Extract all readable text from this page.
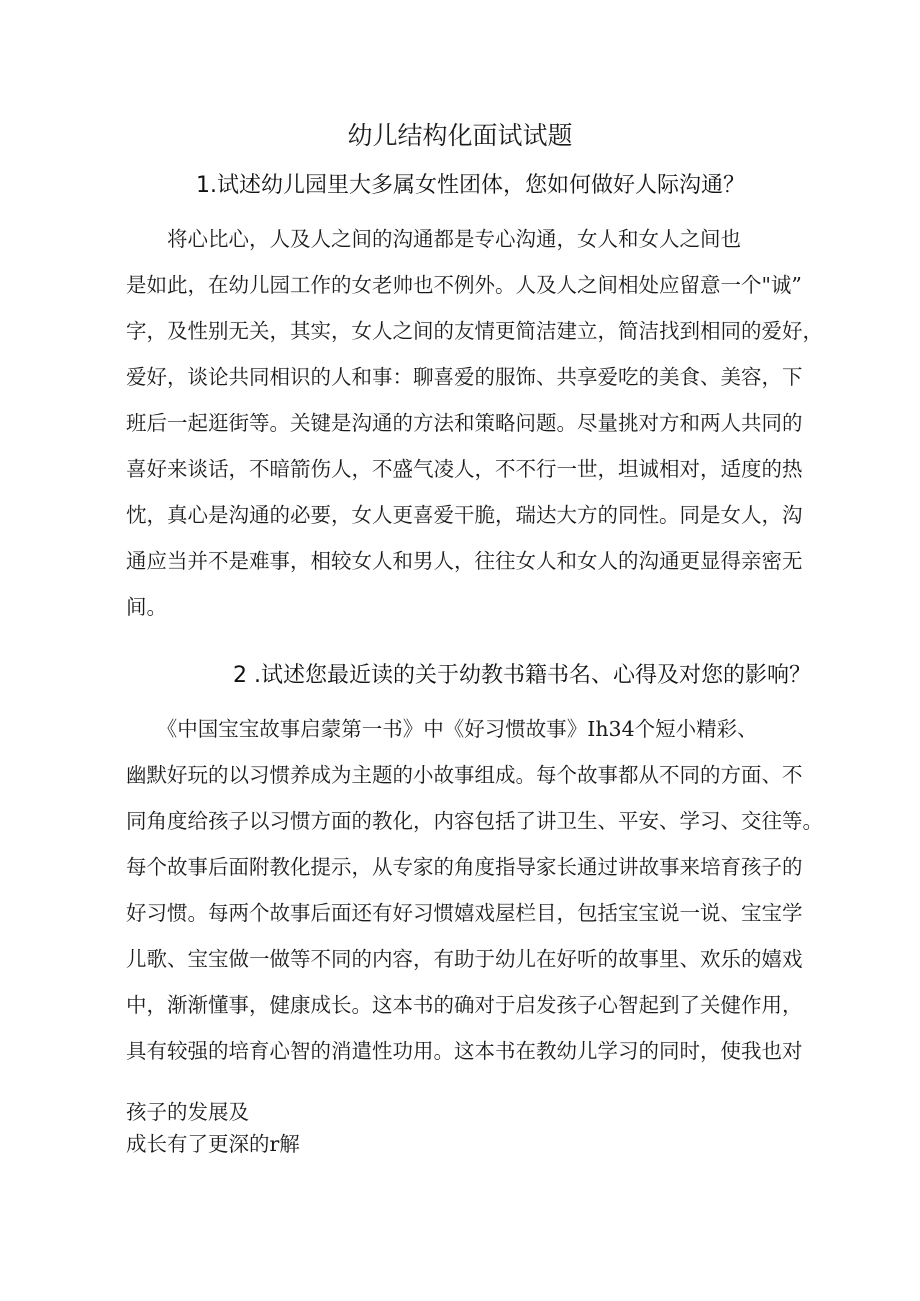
幼儿结构化面试试题
1.试述幼儿园里大多属女性团体，您如何做好人际沟通？
　　将心比心，人及人之间的沟通都是专心沟通，女人和女人之间也
是如此，在幼儿园工作的女老帅也不例外。人及人之间相处应留意一个"诚”
字，及性别无关，其实，女人之间的友情更简洁建立，简洁找到相同的爱好，
爱好，谈论共同相识的人和事：聊喜爱的服饰、共享爱吃的美食、美容，下
班后一起逛街等。关键是沟通的方法和策略问题。尽量挑对方和两人共同的
喜好来谈话，不暗箭伤人，不盛气凌人，不不行一世，坦诚相对，适度的热
忱，真心是沟通的必要，女人更喜爱干脆，瑞达大方的同性。同是女人，沟
通应当并不是难事，相较女人和男人，往往女人和女人的沟通更显得亲密无
间。
2 .试述您最近读的关于幼教书籍书名、心得及对您的影响？
　　《中国宝宝故事启蒙第一书》中《好习惯故事》Ih34个短小精彩、
幽默好玩的以习惯养成为主题的小故事组成。每个故事都从不同的方面、不
同角度给孩子以习惯方面的教化，内容包括了讲卫生、平安、学习、交往等。
每个故事后面附教化提示，从专家的角度指导家长通过讲故事来培育孩子的
好习惯。每两个故事后面还有好习惯嬉戏屋栏目，包括宝宝说一说、宝宝学
儿歌、宝宝做一做等不同的内容，有助于幼儿在好听的故事里、欢乐的嬉戏
中，渐渐懂事，健康成长。这本书的确对于启发孩子心智起到了关健作用，
具有较强的培育心智的消遣性功用。这本书在教幼儿学习的同时，使我也对
孩子的发展及
成长有了更深的r解
